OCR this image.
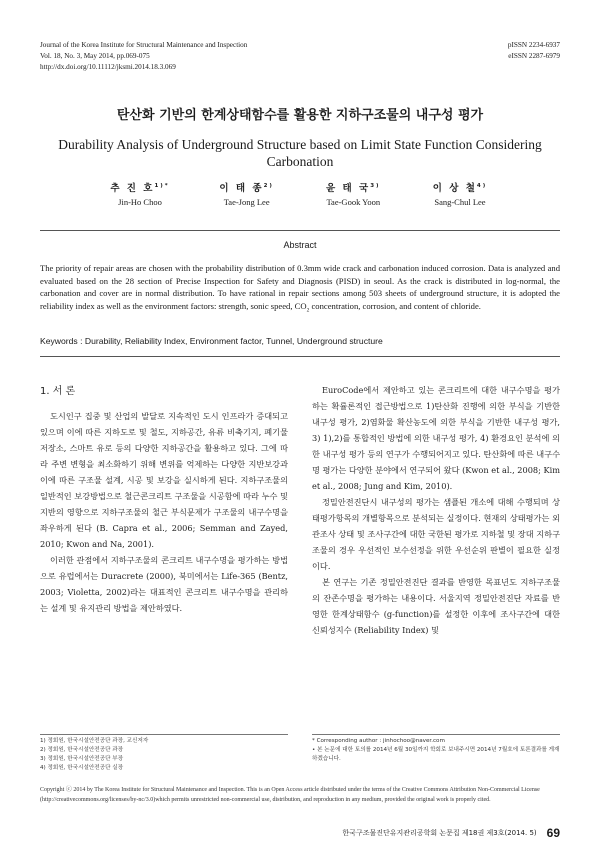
Journal of the Korea Institute for Structural Maintenance and Inspection
Vol. 18, No. 3, May 2014, pp.069-075
http://dx.doi.org/10.11112/jksmi.2014.18.3.069
pISSN 2234-6937
eISSN 2287-6979
탄산화 기반의 한계상태함수를 활용한 지하구조물의 내구성 평가
Durability Analysis of Underground Structure based on Limit State Function Considering Carbonation
추 진 호$^{1)*}$
Jin-Ho Choo
이 태 종$^{2)}$
Tae-Jong Lee
윤 태 국$^{3)}$
Tae-Gook Yoon
이 상 철$^{4)}$
Sang-Chul Lee
Abstract
The priority of repair areas are chosen with the probability distribution of 0.3mm wide crack and carbonation induced corrosion. Data is analyzed and evaluated based on the 28 section of Precise Inspection for Safety and Diagnosis (PISD) in seoul. As the crack is distributed in log-normal, the carbonation and cover are in normal distribution. To have rational in repair sections among 503 sheets of underground structure, it is adopted the reliability index as well as the environment factors: strength, sonic speed, $CO_2$ concentration, corrosion, and content of chloride.
Keywords : Durability, Reliability Index, Environment factor, Tunnel, Underground structure
1. 서 론

도시인구 집중 및 산업의 발달로 지속적인 도시 인프라가 증대되고 있으며 이에 따른 지하도로 및 철도, 지하공간, 유류 비축기지, 폐기물 저장소, 스마트 유로 등의 다양한 지하공간을 활용하고 있다. 그에 따라 주변 변형을 최소화하기 위해 변위를 억제하는 다양한 지반보강과 이에 따른 구조물 설계, 시공 및 보강을 실시하게 된다. 지하구조물의 일반적인 보강방법으로 철근콘크리트 구조물을 시공함에 따라 누수 및 지반의 영향으로 지하구조물의 철근 부식문제가 구조물의 내구수명을 좌우하게 된다 (B. Capra et al., 2006; Semman and Zayed, 2010; Kwon and Na, 2001).

이러한 관점에서 지하구조물의 콘크리트 내구수명을 평가하는 방법으로 유럽에서는 Duracrete (2000), 북미에서는 Life-365 (Bentz, 2003; Violetta, 2002)라는 대표적인 콘크리트 내구수명을 관리하는 설계 및 유지관리 방법을 제안하였다.

EuroCode에서 제안하고 있는 콘크리트에 대한 내구수명을 평가하는 확률론적인 접근방법으로 1)탄산화 진행에 의한 부식을 기반한 내구성 평가, 2)염화물 확산농도에 의한 부식을 기반한 내구성 평가, 3) 1),2)를 통합적인 방법에 의한 내구성 평가, 4) 환경요인 분석에 의한 내구성 평가 등의 연구가 수행되어지고 있다. 탄산화에 따른 내구수명 평가는 다양한 분야에서 연구되어 왔다 (Kwon et al., 2008; Kim et al., 2008; Jung and Kim, 2010).

정밀안전진단시 내구성의 평가는 샘플된 개소에 대해 수행되며 상태평가항목의 개별항목으로 분석되는 실정이다. 현재의 상태평가는 외관조사 상태 및 조사구간에 대한 국한된 평가로 지하철 및 장대 지하구조물의 경우 우선적인 보수선정을 위한 우선순위 판별이 필요한 실정이다.

본 연구는 기존 정밀안전진단 결과를 반영한 목표년도 지하구조물의 잔존수명을 평가하는 내용이다. 서울지역 정밀안전진단 자료를 반영한 한계상태함수 (g-function)를 설정한 이후에 조사구간에 대한 신뢰성지수 (Reliability Index) 및

1) 정회원, 한국시설안전공단 과장, 교신저자
2) 정회원, 한국시설안전공단 과장
3) 정회원, 한국시설안전공단 부장
4) 정회원, 한국시설안전공단 실장
* Corresponding author : jinhochoo@naver.com
• 본 논문에 대한 토의를 2014년 6월 30일까지 학회로 보내주시면 2014년 7월호에 토론결과를 게재하겠습니다.
Copyright ⓒ 2014 by The Korea Institute for Structural Maintenance and Inspection. This is an Open Access article distributed under the terms of the Creative Commons Attribution Non-Commercial License (http://creativecommons.org/licenses/by-nc/3.0)which permits unrestricted non-commercial use, distribution, and reproduction in any medium, provided the original work is properly cited.
한국구조물진단유지관리공학회 논문집 제18권 제3호(2014. 5) 69
